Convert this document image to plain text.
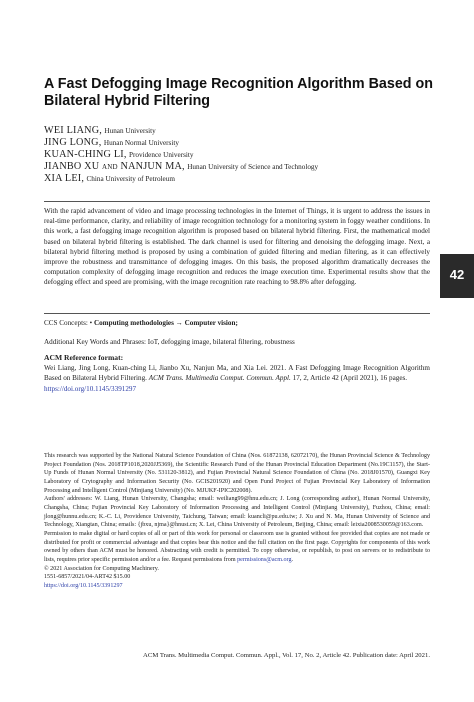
A Fast Defogging Image Recognition Algorithm Based on
Bilateral Hybrid Filtering
WEI LIANG, Hunan University
JING LONG, Hunan Normal University
KUAN-CHING LI, Providence University
JIANBO XU and NANJUN MA, Hunan University of Science and Technology
XIA LEI, China University of Petroleum
With the rapid advancement of video and image processing technologies in the Internet of Things, it is urgent to address the issues in real-time performance, clarity, and reliability of image recognition technology for a monitoring system in foggy weather conditions. In this work, a fast defogging image recognition algorithm is proposed based on bilateral hybrid filtering. First, the mathematical model based on bilateral hybrid filtering is established. The dark channel is used for filtering and denoising the defogging image. Next, a bilateral hybrid filtering method is proposed by using a combination of guided filtering and median filtering, as it can effectively improve the robustness and transmittance of defogging images. On this basis, the proposed algorithm dramatically decreases the computation complexity of defogging image recognition and reduces the image execution time. Experimental results show that the defogging effect and speed are promising, with the image recognition rate reaching to 98.8% after defogging.
CCS Concepts: • Computing methodologies → Computer vision;
Additional Key Words and Phrases: IoT, defogging image, bilateral filtering, robustness
ACM Reference format:
Wei Liang, Jing Long, Kuan-ching Li, Jianbo Xu, Nanjun Ma, and Xia Lei. 2021. A Fast Defogging Image Recognition Algorithm Based on Bilateral Hybrid Filtering. ACM Trans. Multimedia Comput. Commun. Appl. 17, 2, Article 42 (April 2021), 16 pages.
https://doi.org/10.1145/3391297

This research was supported by the National Natural Science Foundation of China (Nos. 61872138, 62072170), the Hunan Provincial Science & Technology Project Foundation (Nos. 2018TP1018,2020JJ5369), the Scientific Research Fund of the Hunan Provincial Education Department (No.19C1157), the Start-Up Funds of Hunan Normal University (No. 531120-3812), and Fujian Provincial Natural Science Foundation of China (No. 2018J01570), Guangxi Key Laboratory of Crytography and Information Security (No. GCIS201920) and Open Fund Project of Fujian Provincial Key Laboratory of Information Processing and Intelligent Control (Minjiang University) (No. MJUKF-IPIC202008).

Authors' addresses: W. Liang, Hunan University, Changsha; email: weiliang99@hnu.edu.cn; J. Long (corresponding author), Hunan Normal University, Changsha, China; Fujian Provincial Key Laboratory of Information Processing and Intelligent Control (Minjiang University), Fuzhou, China; email: jlong@hunnu.edu.cn; K.-C. Li, Providence University, Taichung, Taiwan; email: kuancli@pu.edu.tw; J. Xu and N. Ma, Hunan University of Science and Technology, Xiangtan, China; emails: {jbxu, njma}@hnust.cn; X. Lei, China University of Petroleum, Beijing, China; email: leixia2008530059@163.com.

Permission to make digital or hard copies of all or part of this work for personal or classroom use is granted without fee provided that copies are not made or distributed for profit or commercial advantage and that copies bear this notice and the full citation on the first page. Copyrights for components of this work owned by others than ACM must be honored. Abstracting with credit is permitted. To copy otherwise, or republish, to post on servers or to redistribute to lists, requires prior specific permission and/or a fee. Request permissions from permissions@acm.org.

© 2021 Association for Computing Machinery.

1551-6857/2021/04-ART42 $15.00

https://doi.org/10.1145/3391297

ACM Trans. Multimedia Comput. Commun. Appl., Vol. 17, No. 2, Article 42. Publication date: April 2021.
42
